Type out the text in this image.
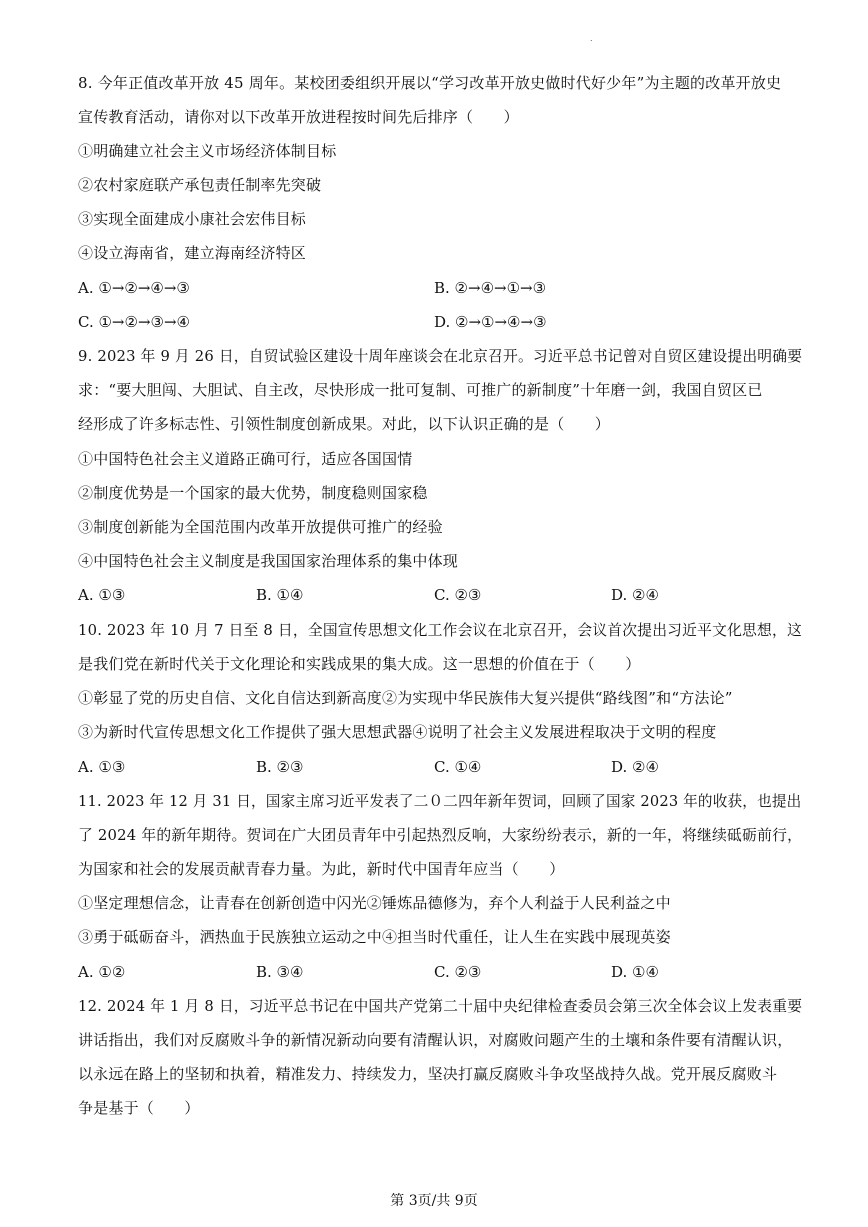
.
8. 今年正值改革开放 45 周年。某校团委组织开展以“学习改革开放史做时代好少年”为主题的改革开放史
宣传教育活动，请你对以下改革开放进程按时间先后排序（　　）
①明确建立社会主义市场经济体制目标
②农村家庭联产承包责任制率先突破
③实现全面建成小康社会宏伟目标
④设立海南省，建立海南经济特区
A. ①→②→④→③	B. ②→④→①→③
C. ①→②→③→④	D. ②→①→④→③
9. 2023 年 9 月 26 日，自贸试验区建设十周年座谈会在北京召开。习近平总书记曾对自贸区建设提出明确要
求：“要大胆闯、大胆试、自主改，尽快形成一批可复制、可推广的新制度”十年磨一剑，我国自贸区已
经形成了许多标志性、引领性制度创新成果。对此，以下认识正确的是（　　）
①中国特色社会主义道路正确可行，适应各国国情
②制度优势是一个国家的最大优势，制度稳则国家稳
③制度创新能为全国范围内改革开放提供可推广的经验
④中国特色社会主义制度是我国国家治理体系的集中体现
A. ①③	B. ①④	C. ②③	D. ②④
10. 2023 年 10 月 7 日至 8 日，全国宣传思想文化工作会议在北京召开，会议首次提出习近平文化思想，这
是我们党在新时代关于文化理论和实践成果的集大成。这一思想的价值在于（　　）
①彰显了党的历史自信、文化自信达到新高度②为实现中华民族伟大复兴提供“路线图”和“方法论”
③为新时代宣传思想文化工作提供了强大思想武器④说明了社会主义发展进程取决于文明的程度
A. ①③	B. ②③	C. ①④	D. ②④
11. 2023 年 12 月 31 日，国家主席习近平发表了二０二四年新年贺词，回顾了国家 2023 年的收获，也提出
了 2024 年的新年期待。贺词在广大团员青年中引起热烈反响，大家纷纷表示，新的一年，将继续砥砺前行，
为国家和社会的发展贡献青春力量。为此，新时代中国青年应当（　　）
①坚定理想信念，让青春在创新创造中闪光②锤炼品德修为，弃个人利益于人民利益之中
③勇于砥砺奋斗，洒热血于民族独立运动之中④担当时代重任，让人生在实践中展现英姿
A. ①②	B. ③④	C. ②③	D. ①④
12. 2024 年 1 月 8 日，习近平总书记在中国共产党第二十届中央纪律检查委员会第三次全体会议上发表重要
讲话指出，我们对反腐败斗争的新情况新动向要有清醒认识，对腐败问题产生的土壤和条件要有清醒认识，
以永远在路上的坚韧和执着，精准发力、持续发力，坚决打赢反腐败斗争攻坚战持久战。党开展反腐败斗
争是基于（　　）
第 3页/共 9页
